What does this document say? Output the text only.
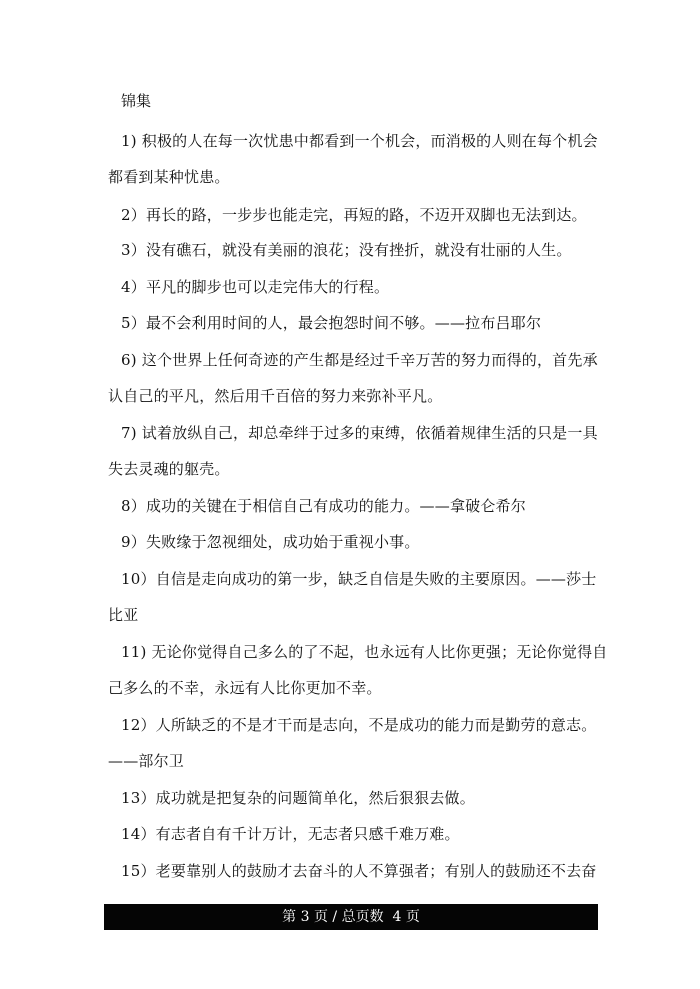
锦集
1) 积极的人在每一次忧患中都看到一个机会，而消极的人则在每个机会
都看到某种忧患。
2）再长的路，一步步也能走完，再短的路，不迈开双脚也无法到达。
3）没有礁石，就没有美丽的浪花；没有挫折，就没有壮丽的人生。
4）平凡的脚步也可以走完伟大的行程。
5）最不会利用时间的人，最会抱怨时间不够。——拉布吕耶尔
6) 这个世界上任何奇迹的产生都是经过千辛万苦的努力而得的，首先承
认自己的平凡，然后用千百倍的努力来弥补平凡。
7) 试着放纵自己，却总牵绊于过多的束缚，依循着规律生活的只是一具
失去灵魂的躯壳。
8）成功的关键在于相信自己有成功的能力。——拿破仑希尔
9）失败缘于忽视细处，成功始于重视小事。
10）自信是走向成功的第一步，缺乏自信是失败的主要原因。——莎士
比亚
11) 无论你觉得自己多么的了不起，也永远有人比你更强；无论你觉得自
己多么的不幸，永远有人比你更加不幸。
12）人所缺乏的不是才干而是志向，不是成功的能力而是勤劳的意志。
——部尔卫
13）成功就是把复杂的问题简单化，然后狠狠去做。
14）有志者自有千计万计，无志者只感千难万难。
15）老要靠别人的鼓励才去奋斗的人不算强者；有别人的鼓励还不去奋
第 3 页 / 总页数  4 页
